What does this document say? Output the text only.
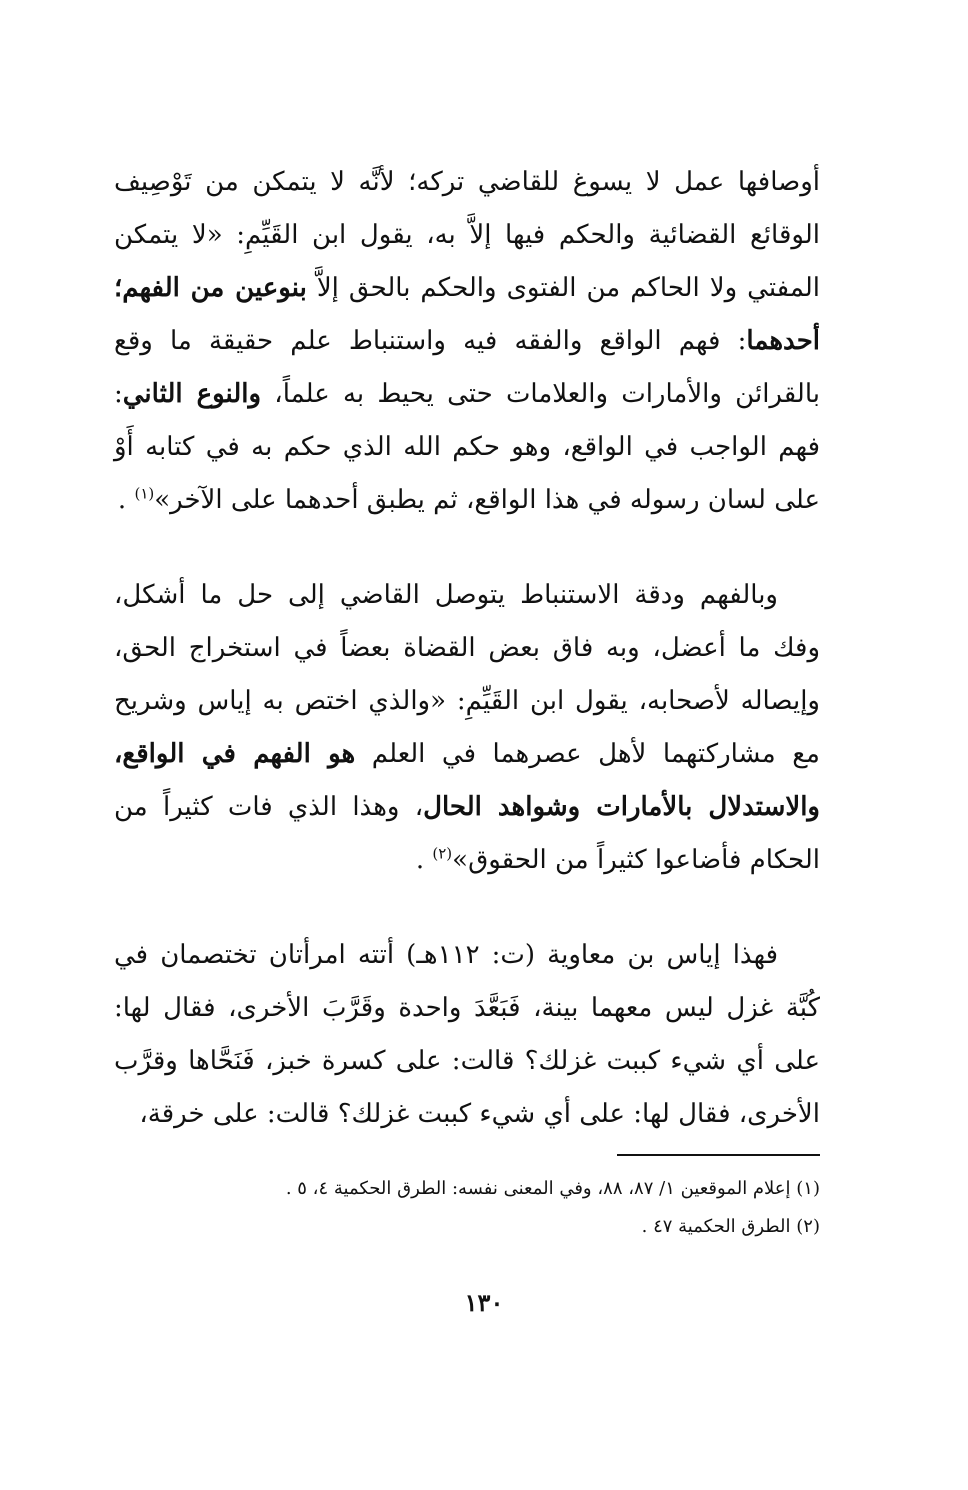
أوصافها عمل لا يسوغ للقاضي تركه؛ لأنَّه لا يتمكن من تَوْصِيف الوقائع القضائية والحكم فيها إلاَّ به، يقول ابن القَيِّمِ: «لا يتمكن المفتي ولا الحاكم من الفتوى والحكم بالحق إلاَّ بنوعين من الفهم؛ أحدهما: فهم الواقع والفقه فيه واستنباط علم حقيقة ما وقع بالقرائن والأمارات والعلامات حتى يحيط به علماً، والنوع الثاني: فهم الواجب في الواقع، وهو حكم الله الذي حكم به في كتابه أَوْ على لسان رسوله في هذا الواقع، ثم يطبق أحدهما على الآخر»$^{(١)}$ .

وبالفهم ودقة الاستنباط يتوصل القاضي إلى حل ما أشكل، وفك ما أعضل، وبه فاق بعض القضاة بعضاً في استخراج الحق، وإيصاله لأصحابه، يقول ابن القَيِّمِ: «والذي اختص به إياس وشريح مع مشاركتهما لأهل عصرهما في العلم هو الفهم في الواقع، والاستدلال بالأمارات وشواهد الحال، وهذا الذي فات كثيراً من الحكام فأضاعوا كثيراً من الحقوق»$^{(٢)}$ .

فهذا إياس بن معاوية (ت: ١١٢هـ) أتته امرأتان تختصمان في كُبَّة غزل ليس معهما بينة، فَبَعَّدَ واحدة وقَرَّبَ الأخرى، فقال لها: على أي شيء كببت غزلك؟ قالت: على كسرة خبز، فَنَحَّاها وقرَّب الأخرى، فقال لها: على أي شيء كببت غزلك؟ قالت: على خرقة،

(١) إعلام الموقعين ١/ ٨٧، ٨٨، وفي المعنى نفسه: الطرق الحكمية ٤، ٥ .

(٢) الطرق الحكمية ٤٧ .

١٣٠
